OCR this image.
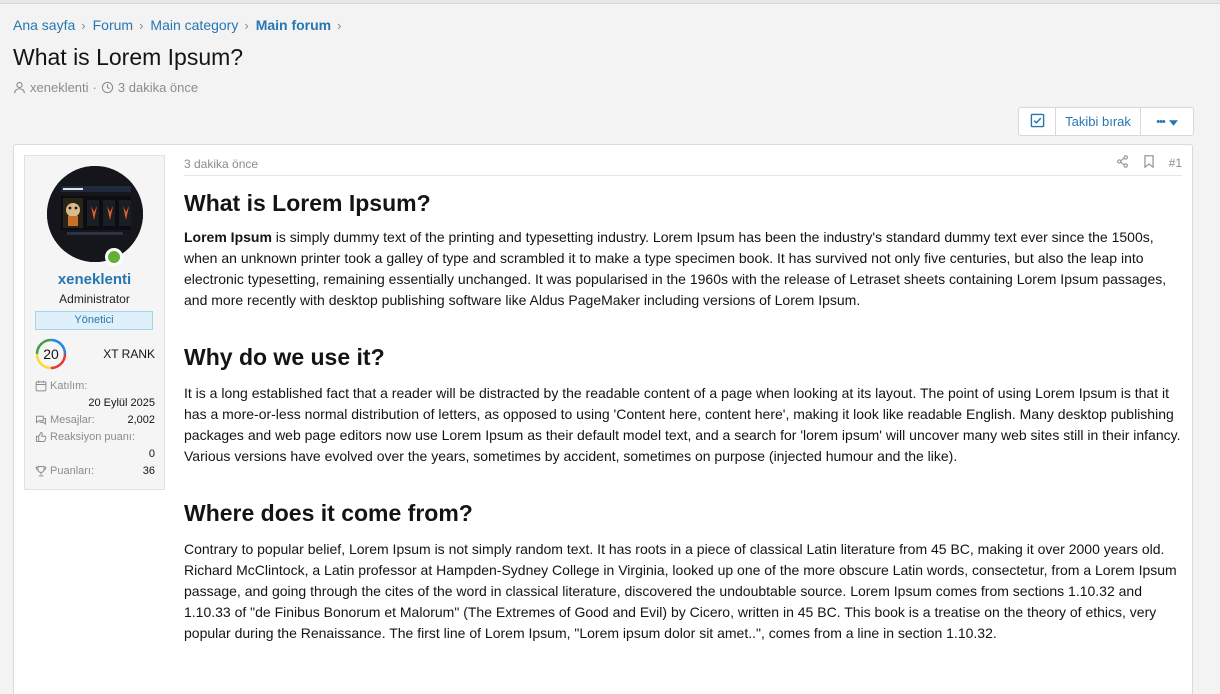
Ana sayfa › Forum › Main category › Main forum ›
What is Lorem Ipsum?
xeneklenti · 3 dakika önce
Takibi bırak	•••
xeneklenti
Administrator
Yönetici
20	XT RANK
Katılım:
20 Eylül 2025
Mesajlar:	2,002
Reaksiyon puanı:
0
Puanları:	36
3 dakika önce	#1
What is Lorem Ipsum?

Lorem Ipsum is simply dummy text of the printing and typesetting industry. Lorem Ipsum has been the industry's standard dummy text ever since the 1500s, when an unknown printer took a galley of type and scrambled it to make a type specimen book. It has survived not only five centuries, but also the leap into electronic typesetting, remaining essentially unchanged. It was popularised in the 1960s with the release of Letraset sheets containing Lorem Ipsum passages, and more recently with desktop publishing software like Aldus PageMaker including versions of Lorem Ipsum.

Why do we use it?

It is a long established fact that a reader will be distracted by the readable content of a page when looking at its layout. The point of using Lorem Ipsum is that it has a more-or-less normal distribution of letters, as opposed to using 'Content here, content here', making it look like readable English. Many desktop publishing packages and web page editors now use Lorem Ipsum as their default model text, and a search for 'lorem ipsum' will uncover many web sites still in their infancy. Various versions have evolved over the years, sometimes by accident, sometimes on purpose (injected humour and the like).

Where does it come from?

Contrary to popular belief, Lorem Ipsum is not simply random text. It has roots in a piece of classical Latin literature from 45 BC, making it over 2000 years old. Richard McClintock, a Latin professor at Hampden-Sydney College in Virginia, looked up one of the more obscure Latin words, consectetur, from a Lorem Ipsum passage, and going through the cites of the word in classical literature, discovered the undoubtable source. Lorem Ipsum comes from sections 1.10.32 and 1.10.33 of "de Finibus Bonorum et Malorum" (The Extremes of Good and Evil) by Cicero, written in 45 BC. This book is a treatise on the theory of ethics, very popular during the Renaissance. The first line of Lorem Ipsum, "Lorem ipsum dolor sit amet..", comes from a line in section 1.10.32.
